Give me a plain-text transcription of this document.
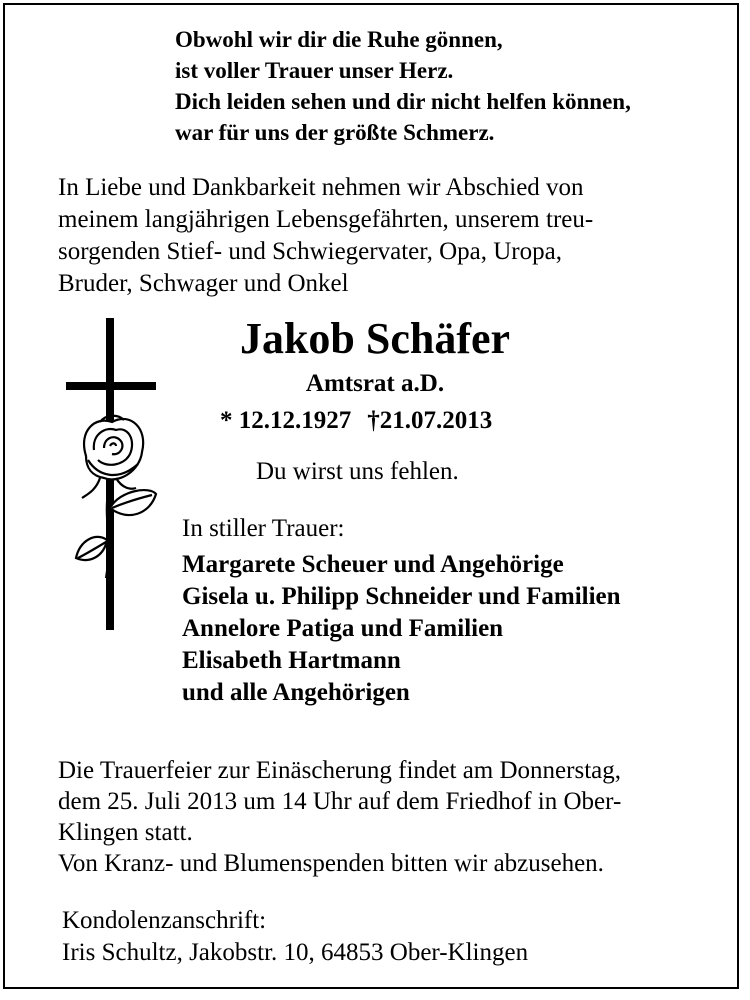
Obwohl wir dir die Ruhe gönnen,
ist voller Trauer unser Herz.
Dich leiden sehen und dir nicht helfen können,
war für uns der größte Schmerz.
In Liebe und Dankbarkeit nehmen wir Abschied von
meinem langjährigen Lebensgefährten, unserem treu-
sorgenden Stief- und Schwiegervater, Opa, Uropa,
Bruder, Schwager und Onkel
Jakob Schäfer
Amtsrat a.D.
* 12.12.1927 †21.07.2013
Du wirst uns fehlen.
In stiller Trauer:
Margarete Scheuer und Angehörige
Gisela u. Philipp Schneider und Familien
Annelore Patiga und Familien
Elisabeth Hartmann
und alle Angehörigen
Die Trauerfeier zur Einäscherung findet am Donnerstag,
dem 25. Juli 2013 um 14 Uhr auf dem Friedhof in Ober-
Klingen statt.
Von Kranz- und Blumenspenden bitten wir abzusehen.
Kondolenzanschrift:
Iris Schultz, Jakobstr. 10, 64853 Ober-Klingen
